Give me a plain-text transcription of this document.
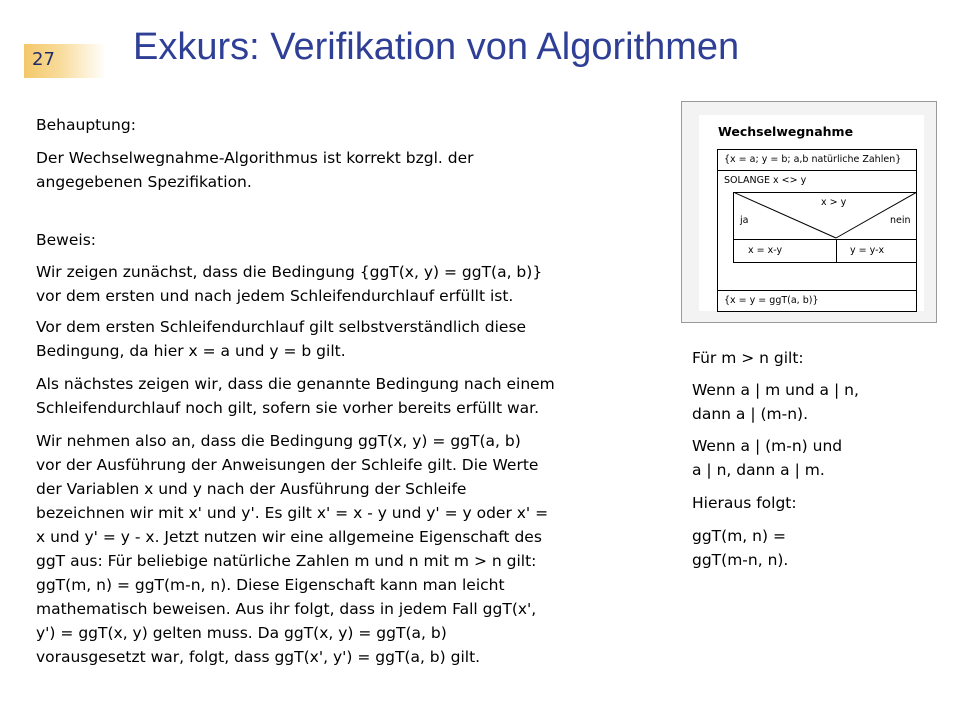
27 Exkurs: Verifikation von Algorithmen
Behauptung:
Der Wechselwegnahme-Algorithmus ist korrekt bzgl. der
angegebenen Spezifikation.
Beweis:
Wir zeigen zunächst, dass die Bedingung {ggT(x, y) = ggT(a, b)}
vor dem ersten und nach jedem Schleifendurchlauf erfüllt ist.
Vor dem ersten Schleifendurchlauf gilt selbstverständlich diese
Bedingung, da hier x = a und y = b gilt.
Als nächstes zeigen wir, dass die genannte Bedingung nach einem
Schleifendurchlauf noch gilt, sofern sie vorher bereits erfüllt war.
Wir nehmen also an, dass die Bedingung ggT(x, y) = ggT(a, b)
vor der Ausführung der Anweisungen der Schleife gilt. Die Werte
der Variablen x und y nach der Ausführung der Schleife
bezeichnen wir mit x' und y'. Es gilt x' = x - y und y' = y oder x' =
x und y' = y - x. Jetzt nutzen wir eine allgemeine Eigenschaft des
ggT aus: Für beliebige natürliche Zahlen m und n mit m > n gilt:
ggT(m, n) = ggT(m-n, n). Diese Eigenschaft kann man leicht
mathematisch beweisen. Aus ihr folgt, dass in jedem Fall ggT(x',
y') = ggT(x, y) gelten muss. Da ggT(x, y) = ggT(a, b)
vorausgesetzt war, folgt, dass ggT(x', y') = ggT(a, b) gilt.
Wechselwegnahme
{x = a; y = b; a,b natürliche Zahlen}
SOLANGE x <> y
x > y
ja	nein
x = x-y	y = y-x
{x = y = ggT(a, b)}
Für m > n gilt:
Wenn a | m und a | n,
dann a | (m-n).
Wenn a | (m-n) und
a | n, dann a | m.
Hieraus folgt:
ggT(m, n) =
ggT(m-n, n).
